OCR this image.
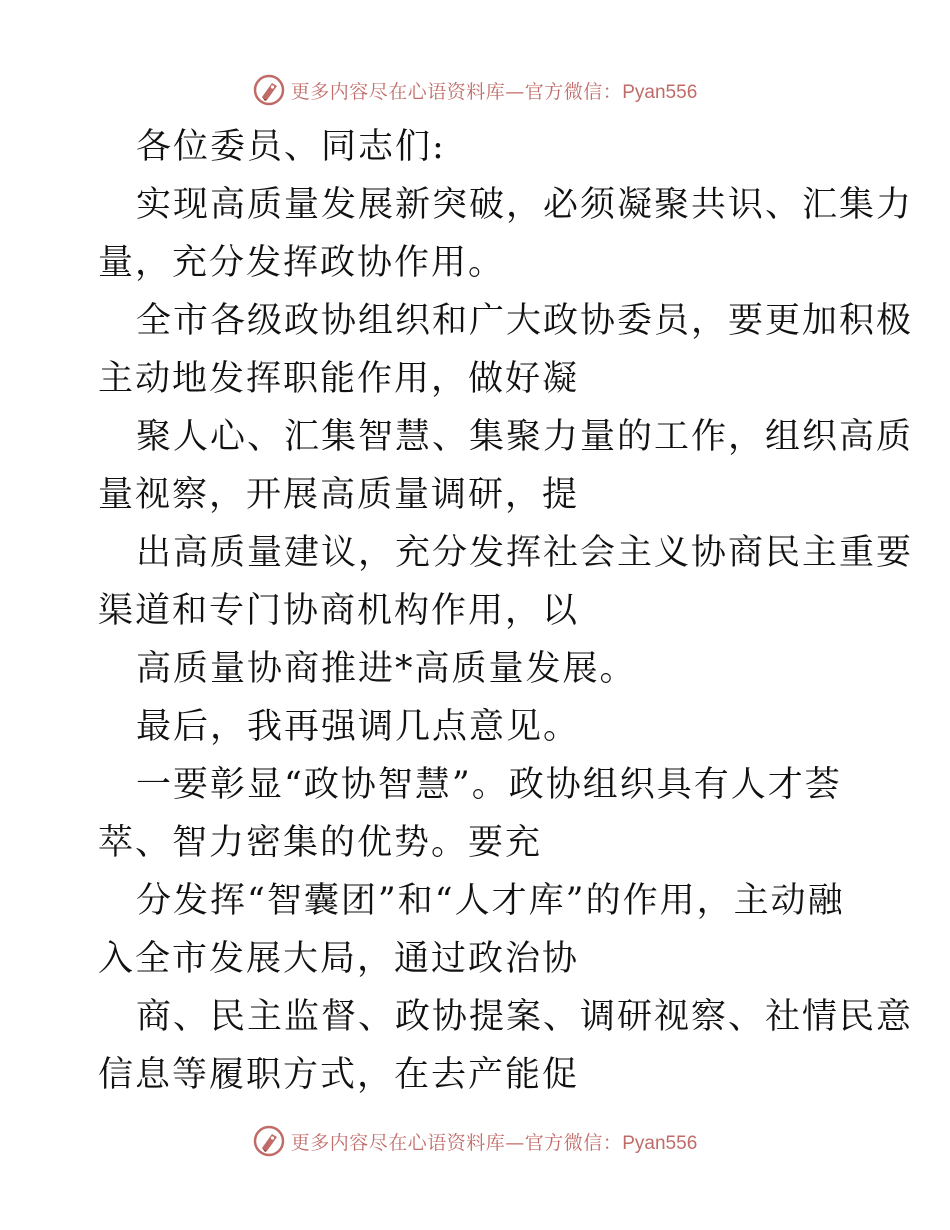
更多内容尽在心语资料库—官方微信：Pyan556
各位委员、同志们:
实现高质量发展新突破，必须凝聚共识、汇集力
量，充分发挥政协作用。
全市各级政协组织和广大政协委员，要更加积极
主动地发挥职能作用，做好凝
聚人心、汇集智慧、集聚力量的工作，组织高质
量视察，开展高质量调研，提
出高质量建议，充分发挥社会主义协商民主重要
渠道和专门协商机构作用，以
高质量协商推进*高质量发展。
最后，我再强调几点意见。
一要彰显“政协智慧”。政协组织具有人才荟
萃、智力密集的优势。要充
分发挥“智囊团”和“人才库”的作用，主动融
入全市发展大局，通过政治协
商、民主监督、政协提案、调研视察、社情民意
信息等履职方式，在去产能促
更多内容尽在心语资料库—官方微信：Pyan556
